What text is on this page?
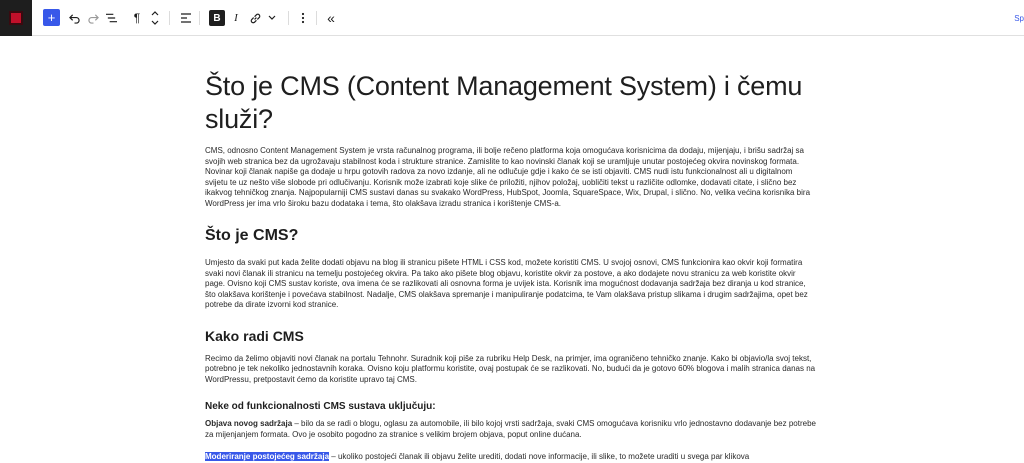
+	¶	B I	«	Sp
Što je CMS (Content Management System) i čemu služi?

CMS, odnosno Content Management System je vrsta računalnog programa, ili bolje rečeno platforma koja omogućava korisnicima da dodaju, mijenjaju, i brišu sadržaj sa svojih web stranica bez da ugrožavaju stabilnost koda i strukture stranice. Zamislite to kao novinski članak koji se uramljuje unutar postojećeg okvira novinskog formata. Novinar koji članak napiše ga dodaje u hrpu gotovih radova za novo izdanje, ali ne odlučuje gdje i kako će se isti objaviti. CMS nudi istu funkcionalnost ali u digitalnom svijetu te uz nešto više slobode pri odlučivanju. Korisnik može izabrati koje slike će priložiti, njihov položaj, uobličiti tekst u različite odlomke, dodavati citate, i slično bez ikakvog tehničkog znanja. Najpopularniji CMS sustavi danas su svakako WordPress, HubSpot, Joomla, SquareSpace, Wix, Drupal, i slično. No, velika većina korisnika bira WordPress jer ima vrlo široku bazu dodataka i tema, što olakšava izradu stranica i korištenje CMS-a.

Što je CMS?

Umjesto da svaki put kada želite dodati objavu na blog ili stranicu pišete HTML i CSS kod, možete koristiti CMS. U svojoj osnovi, CMS funkcionira kao okvir koji formatira svaki novi članak ili stranicu na temelju postojećeg okvira. Pa tako ako pišete blog objavu, koristite okvir za postove, a ako dodajete novu stranicu za web koristite okvir page. Ovisno koji CMS sustav koriste, ova imena će se razlikovati ali osnovna forma je uvijek ista. Korisnik ima mogućnost dodavanja sadržaja bez diranja u kod stranice, što olakšava korištenje i povećava stabilnost. Nadalje, CMS olakšava spremanje i manipuliranje podatcima, te Vam olakšava pristup slikama i drugim sadržajima, opet bez potrebe da dirate izvorni kod stranice.

Kako radi CMS

Recimo da želimo objaviti novi članak na portalu Tehnohr. Suradnik koji piše za rubriku Help Desk, na primjer, ima ograničeno tehničko znanje. Kako bi objavio/la svoj tekst, potrebno je tek nekoliko jednostavnih koraka. Ovisno koju platformu koristite, ovaj postupak će se razlikovati. No, budući da je gotovo 60% blogova i malih stranica danas na WordPressu, pretpostavit ćemo da koristite upravo taj CMS.

Neke od funkcionalnosti CMS sustava uključuju:

Objava novog sadržaja – bilo da se radi o blogu, oglasu za automobile, ili bilo kojoj vrsti sadržaja, svaki CMS omogućava korisniku vrlo jednostavno dodavanje bez potrebe za mijenjanjem formata. Ovo je osobito pogodno za stranice s velikim brojem objava, poput online dućana.

Moderiranje postojećeg sadržaja – ukoliko postojeći članak ili objavu želite urediti, dodati nove informacije, ili slike, to možete uraditi u svega par klikova
